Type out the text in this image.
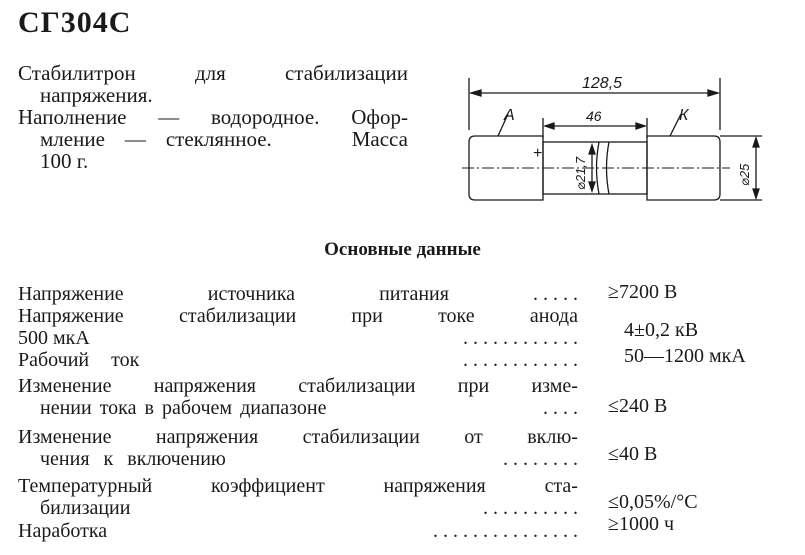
СГ304С
Стабилитрон	для	стабилизации
напряжения.
Наполнение — водородное. Офор-
мление — стеклянное.	Масса
100 г.
128,5
46
А	К
+
⌀21,7	⌀25
Основные данные
Напряжение	источника	питания	. . . . . ≥7200 В
Напряжение	стабилизации	при	токе	анода
500 мкА	. . . . . . . . . . . . 4±0,2 кВ
Рабочий ток	. . . . . . . . . . . . 50—1200 мкА
Изменение напряжения стабилизации при изме-
нении тока в рабочем диапазоне	. . . . ≤240 В
Изменение напряжения стабилизации от вклю-
чения к включению	. . . . . . . . ≤40 В
Температурный	коэффициент	напряжения	ста-
билизации	. . . . . . . . . . ≤0,05%/°С
Наработка	. . . . . . . . . . . . . . . ≥1000 ч
